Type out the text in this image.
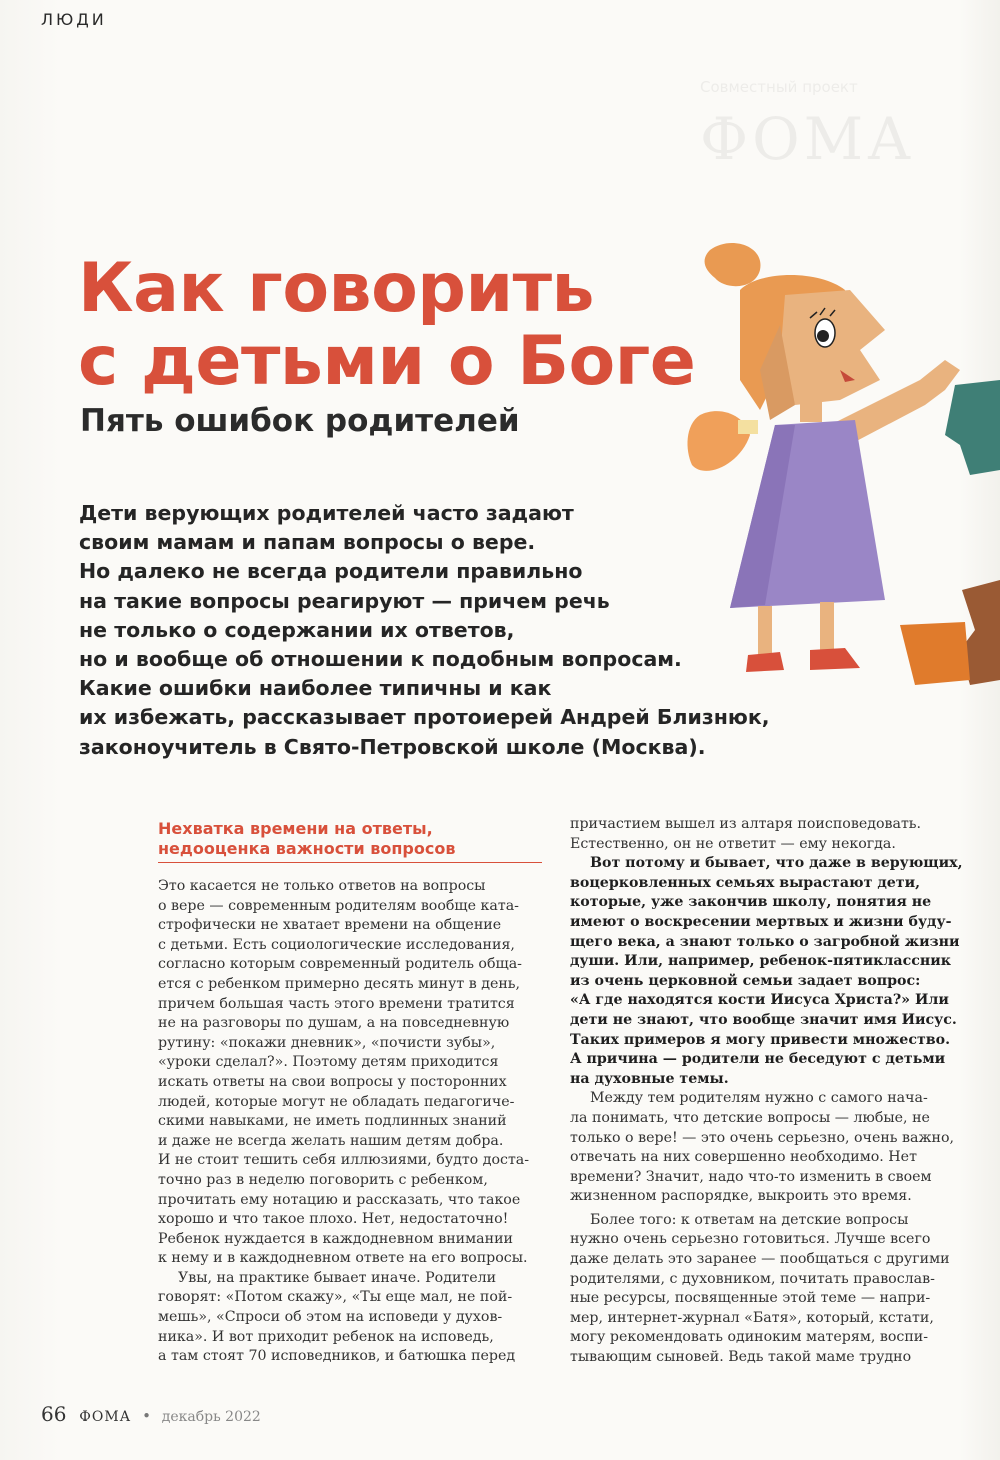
Совместный проект
ФОМА
ЛЮДИ
Как говорить
с детьми о Боге
Пять ошибок родителей
Дети верующих родителей часто задают
своим мамам и папам вопросы о вере.
Но далеко не всегда родители правильно
на такие вопросы реагируют — причем речь
не только о содержании их ответов,
но и вообще об отношении к подобным вопросам.
Какие ошибки наиболее типичны и как
их избежать, рассказывает протоиерей Андрей Близнюк,
законоучитель в Свято-Петровской школе (Москва).
Нехватка времени на ответы,
недооценка важности вопросов
Это касается не только ответов на вопросы
о вере — современным родителям вообще ката-
строфически не хватает времени на общение
с детьми. Есть социологические исследования,
согласно которым современный родитель обща-
ется с ребенком примерно десять минут в день,
причем большая часть этого времени тратится
не на разговоры по душам, а на повседневную
рутину: «покажи дневник», «почисти зубы»,
«уроки сделал?». Поэтому детям приходится
искать ответы на свои вопросы у посторонних
людей, которые могут не обладать педагогиче-
скими навыками, не иметь подлинных знаний
и даже не всегда желать нашим детям добра.
И не стоит тешить себя иллюзиями, будто доста-
точно раз в неделю поговорить с ребенком,
прочитать ему нотацию и рассказать, что такое
хорошо и что такое плохо. Нет, недостаточно!
Ребенок нуждается в каждодневном внимании
к нему и в каждодневном ответе на его вопросы.
Увы, на практике бывает иначе. Родители
говорят: «Потом скажу», «Ты еще мал, не пой-
мешь», «Спроси об этом на исповеди у духов-
ника». И вот приходит ребенок на исповедь,
а там стоят 70 исповедников, и батюшка перед
причастием вышел из алтаря поисповедовать.
Естественно, он не ответит — ему некогда.
Вот потому и бывает, что даже в верующих,
воцерковленных семьях вырастают дети,
которые, уже закончив школу, понятия не
имеют о воскресении мертвых и жизни буду-
щего века, а знают только о загробной жизни
души. Или, например, ребенок-пятиклассник
из очень церковной семьи задает вопрос:
«А где находятся кости Иисуса Христа?» Или
дети не знают, что вообще значит имя Иисус.
Таких примеров я могу привести множество.
А причина — родители не беседуют с детьми
на духовные темы.
Между тем родителям нужно с самого нача-
ла понимать, что детские вопросы — любые, не
только о вере! — это очень серьезно, очень важно,
отвечать на них совершенно необходимо. Нет
времени? Значит, надо что-то изменить в своем
жизненном распорядке, выкроить это время.
Более того: к ответам на детские вопросы
нужно очень серьезно готовиться. Лучше всего
даже делать это заранее — пообщаться с другими
родителями, с духовником, почитать православ-
ные ресурсы, посвященные этой теме — напри-
мер, интернет-журнал «Батя», который, кстати,
могу рекомендовать одиноким матерям, воспи-
тывающим сыновей. Ведь такой маме трудно
66 ФОМА • декабрь 2022
